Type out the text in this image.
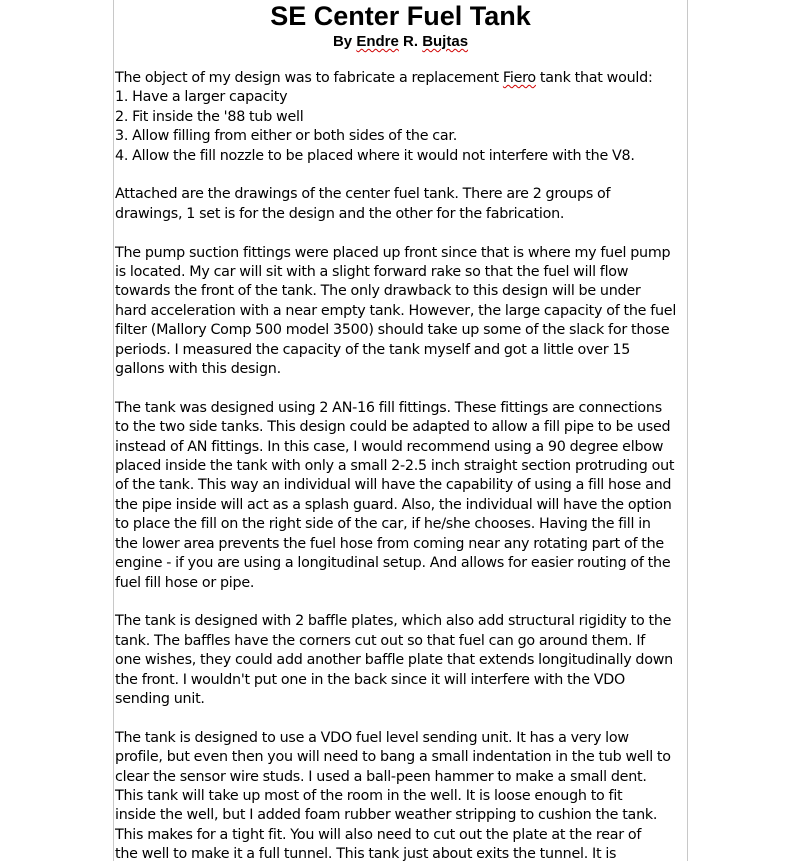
SE Center Fuel Tank

By Endre R. Bujtas

The object of my design was to fabricate a replacement Fiero tank that would:
1. Have a larger capacity
2. Fit inside the '88 tub well
3. Allow filling from either or both sides of the car.
4. Allow the fill nozzle to be placed where it would not interfere with the V8.

Attached are the drawings of the center fuel tank. There are 2 groups of
drawings, 1 set is for the design and the other for the fabrication.

The pump suction fittings were placed up front since that is where my fuel pump
is located. My car will sit with a slight forward rake so that the fuel will flow
towards the front of the tank. The only drawback to this design will be under
hard acceleration with a near empty tank. However, the large capacity of the fuel
filter (Mallory Comp 500 model 3500) should take up some of the slack for those
periods. I measured the capacity of the tank myself and got a little over 15
gallons with this design.

The tank was designed using 2 AN-16 fill fittings. These fittings are connections
to the two side tanks. This design could be adapted to allow a fill pipe to be used
instead of AN fittings. In this case, I would recommend using a 90 degree elbow
placed inside the tank with only a small 2-2.5 inch straight section protruding out
of the tank. This way an individual will have the capability of using a fill hose and
the pipe inside will act as a splash guard. Also, the individual will have the option
to place the fill on the right side of the car, if he/she chooses. Having the fill in
the lower area prevents the fuel hose from coming near any rotating part of the
engine - if you are using a longitudinal setup. And allows for easier routing of the
fuel fill hose or pipe.

The tank is designed with 2 baffle plates, which also add structural rigidity to the
tank. The baffles have the corners cut out so that fuel can go around them. If
one wishes, they could add another baffle plate that extends longitudinally down
the front. I wouldn't put one in the back since it will interfere with the VDO
sending unit.

The tank is designed to use a VDO fuel level sending unit. It has a very low
profile, but even then you will need to bang a small indentation in the tub well to
clear the sensor wire studs. I used a ball-peen hammer to make a small dent.
This tank will take up most of the room in the well. It is loose enough to fit
inside the well, but I added foam rubber weather stripping to cushion the tank.
This makes for a tight fit. You will also need to cut out the plate at the rear of
the well to make it a full tunnel. This tank just about exits the tunnel. It is
